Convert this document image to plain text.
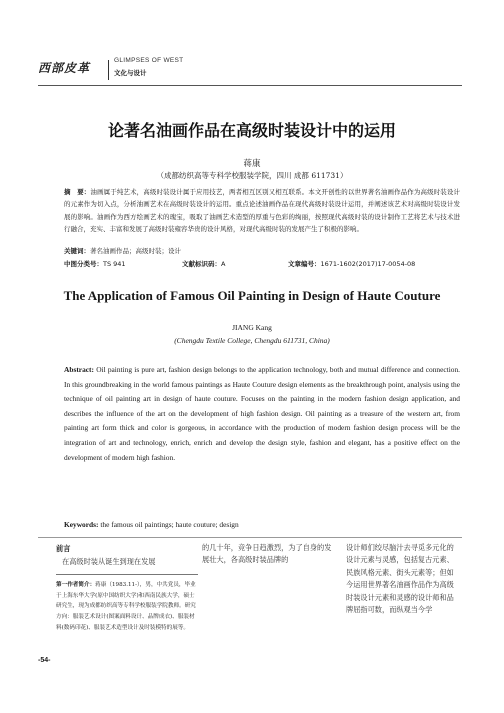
西部皮革
GLIMPSES OF WEST
文化与设计
论著名油画作品在高级时装设计中的运用
蒋康
（成都纺织高等专科学校服装学院，四川 成都 611731）
摘　要：油画属于纯艺术，高级时装设计属于应用技艺，两者相互区别又相互联系。本文开创性的以世界著名油画作品作为高级时装设计的元素作为切入点，分析油画艺术在高级时装设计的运用。重点论述油画作品在现代高级时装设计运用，并阐述该艺术对高级时装设计发展的影响。油画作为西方绘画艺术的瑰宝，吸取了油画艺术造型的厚重与色彩的绚丽，按照现代高级时装的设计制作工艺将艺术与技术进行融合，充实、丰富和发展了高级时装雍容华贵的设计风格，对现代高级时装的发展产生了积极的影响。
关键词：著名油画作品；高级时装；设计
中图分类号：TS 941	文献标识码：A	文章编号：1671-1602(2017)17-0054-08
The Application of Famous Oil Painting in Design of Haute Couture
JIANG Kang
(Chengdu Textile College, Chengdu 611731, China)
Abstract: Oil painting is pure art, fashion design belongs to the application technology, both and mutual difference and connection. In this groundbreaking in the world famous paintings as Haute Couture design elements as the breakthrough point, analysis using the technique of oil painting art in design of haute couture. Focuses on the painting in the modern fashion design application, and describes the influence of the art on the development of high fashion design. Oil painting as a treasure of the western art, from painting art form thick and color is gorgeous, in accordance with the production of modern fashion design process will be the integration of art and technology, enrich, enrich and develop the design style, fashion and elegant, has a positive effect on the development of modern high fashion.
Keywords: the famous oil paintings; haute couture; design
前言
在高级时装从诞生到现在发展
第一作者简介：蒋康（1983.11-），男，中共党员，毕业于上海东华大学(原中国纺织大学)和西南民族大学，硕士研究生，现为成都纺织高等专科学校服装学院教师。研究方向：服装艺术设计(图案面料设计、品牌成衣)、服装材料(数码印花)、服装艺术造型设计及时装模特的展等。
的几十年，竞争日趋激烈，为了自身的发展壮大，各高级时装品牌的
设计师们绞尽脑汁去寻觅多元化的设计元素与灵感，包括复古元素、民族风格元素、街头元素等；但如今运用世界著名油画作品作为高级时装设计元素和灵感的设计师和品牌屈指可数，而纵观当今学
-54-
